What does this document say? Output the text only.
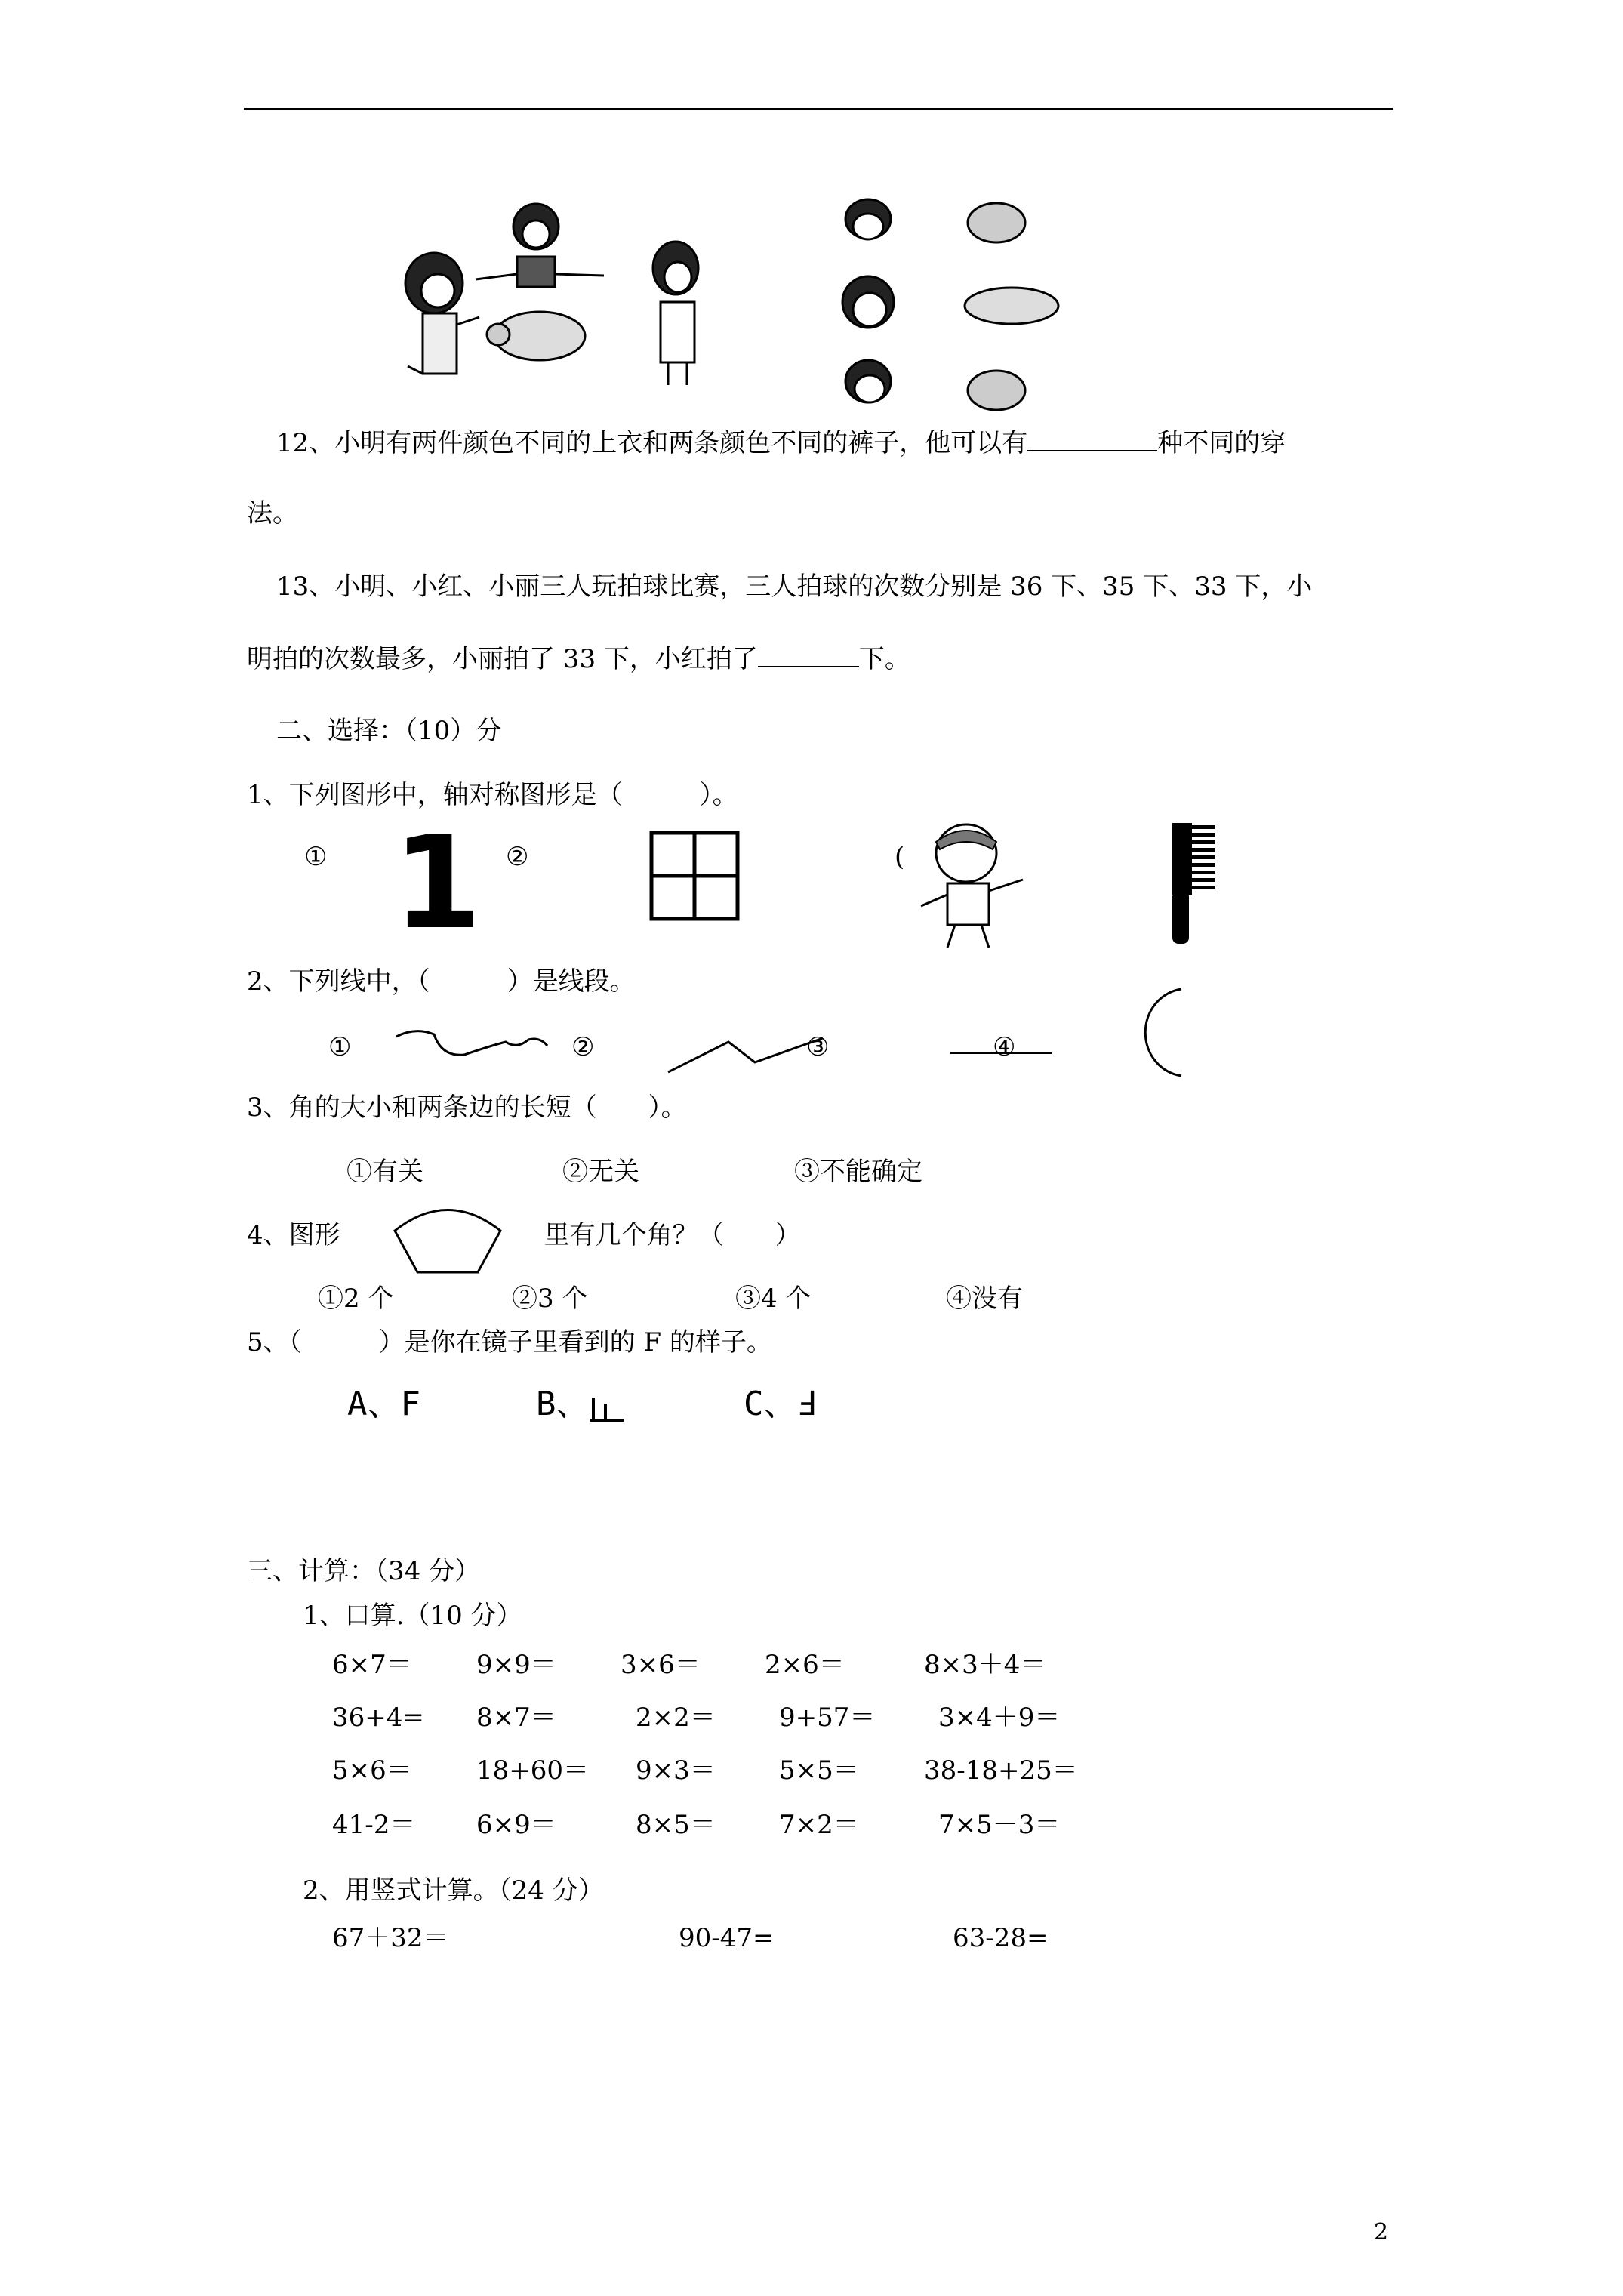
12、小明有两件颜色不同的上衣和两条颜色不同的裤子，他可以有	种不同的穿
法。
13、小明、小红、小丽三人玩拍球比赛，三人拍球的次数分别是 36 下、35 下、33 下，小
明拍的次数最多，小丽拍了 33 下，小红拍了	下。
二、选择：（10）分
1、下列图形中，轴对称图形是（　　　）。
① 1 ②	(
2、下列线中，（　　　）是线段。
①	②	③	④
3、角的大小和两条边的长短（　　）。
①有关	②无关	③不能确定
4、图形	里有几个角？（　　）
①2 个	②3 个	③4 个	④没有
5、（　　　）是你在镜子里看到的 F 的样子。
A、F	B、	C、Ⅎ
三、计算：（34 分）
1、口算.（10 分）
6×7＝	9×9＝	3×6＝	2×6＝	8×3＋4＝
36+4= 8×7＝	2×2＝ 9+57＝ 3×4＋9＝
5×6＝	18+60＝ 9×3＝ 5×5＝	38-18+25＝
41-2＝ 6×9＝	8×5＝ 7×2＝	7×5－3＝
2、用竖式计算。（24 分）
67＋32＝	90-47=	63-28=
2
